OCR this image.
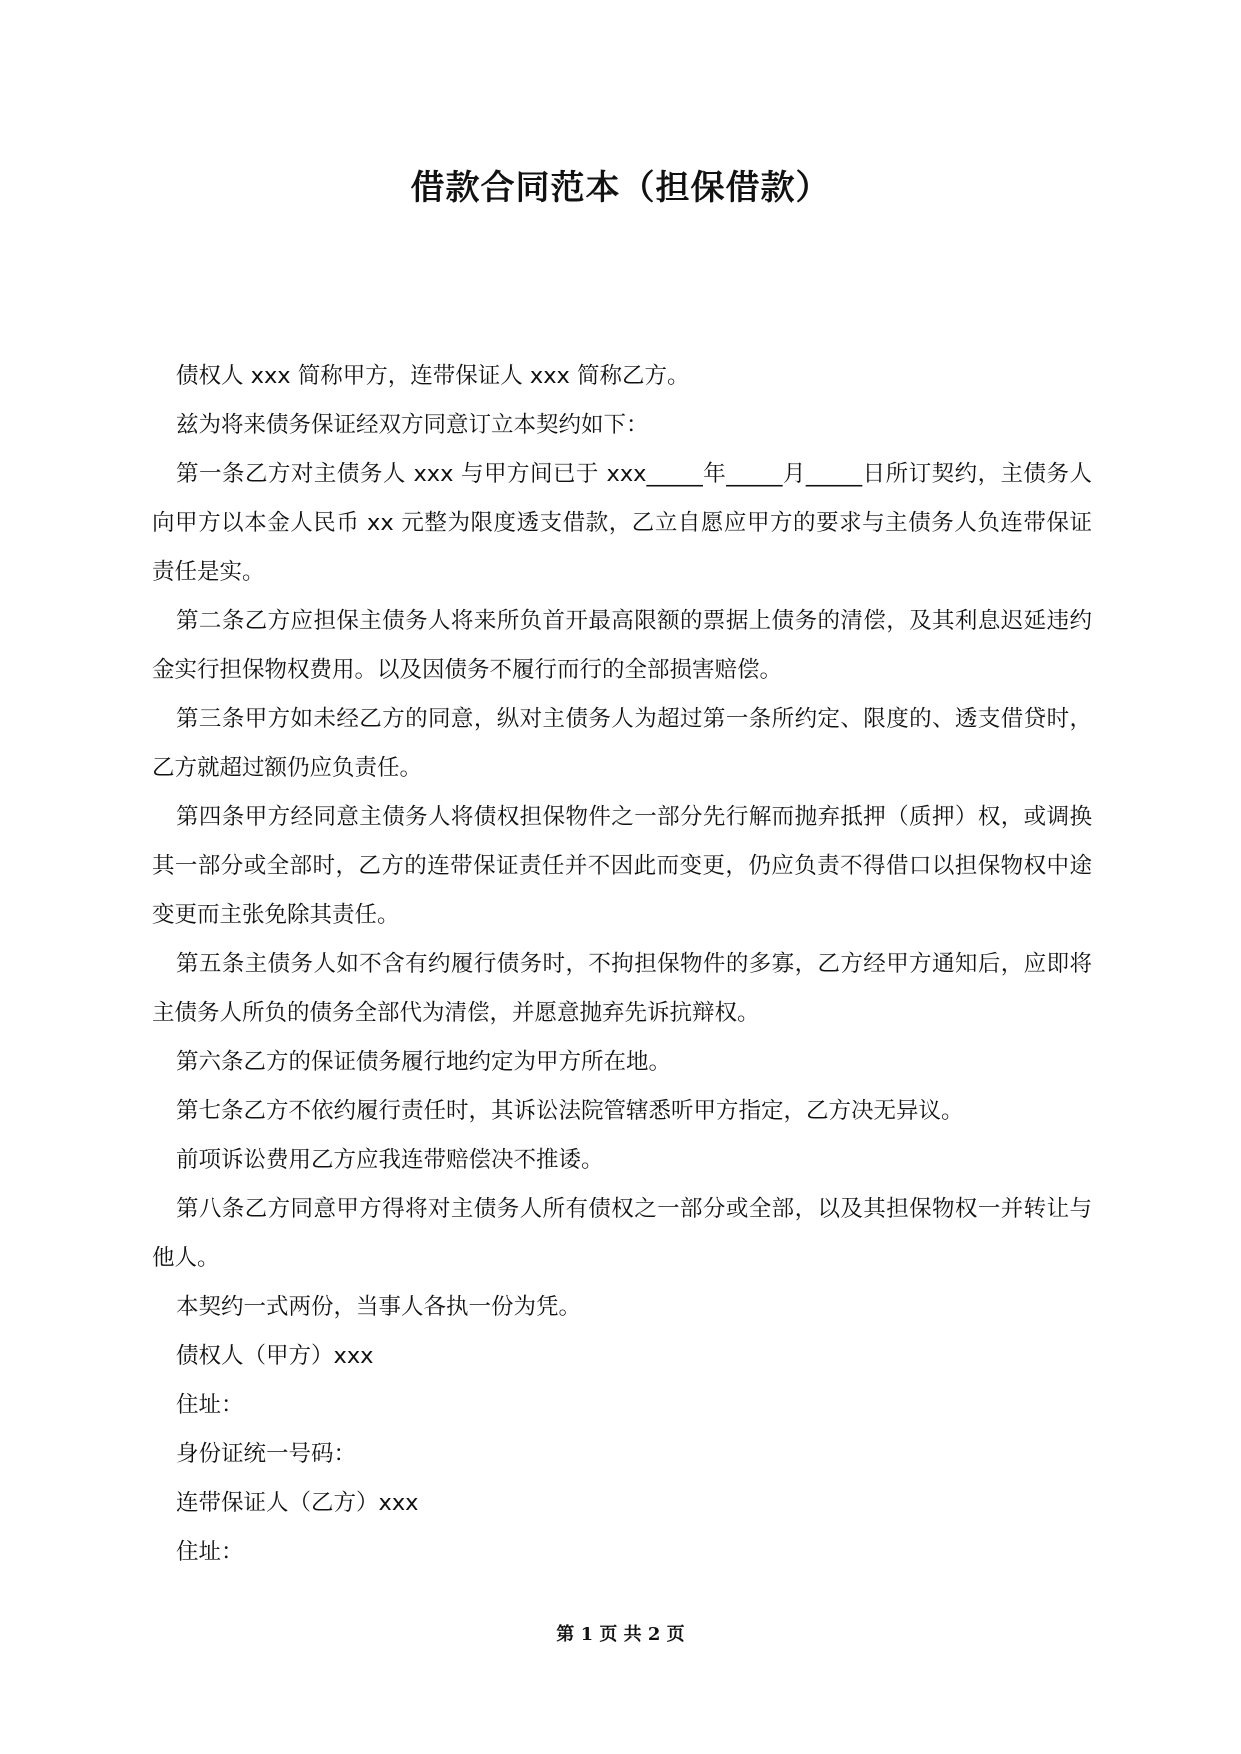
借款合同范本（担保借款）

债权人 xxx 简称甲方，连带保证人 xxx 简称乙方。

兹为将来债务保证经双方同意订立本契约如下：

第一条乙方对主债务人 xxx 与甲方间已于 xxx_____年_____月_____日所订契约，主债务人向甲方以本金人民币 xx 元整为限度透支借款，乙立自愿应甲方的要求与主债务人负连带保证责任是实。

第二条乙方应担保主债务人将来所负首开最高限额的票据上债务的清偿，及其利息迟延违约金实行担保物权费用。以及因债务不履行而行的全部损害赔偿。

第三条甲方如未经乙方的同意，纵对主债务人为超过第一条所约定、限度的、透支借贷时，乙方就超过额仍应负责任。

第四条甲方经同意主债务人将债权担保物件之一部分先行解而抛弃抵押（质押）权，或调换其一部分或全部时，乙方的连带保证责任并不因此而变更，仍应负责不得借口以担保物权中途变更而主张免除其责任。

第五条主债务人如不含有约履行债务时，不拘担保物件的多寡，乙方经甲方通知后，应即将主债务人所负的债务全部代为清偿，并愿意抛弃先诉抗辩权。

第六条乙方的保证债务履行地约定为甲方所在地。

第七条乙方不依约履行责任时，其诉讼法院管辖悉听甲方指定，乙方决无异议。

前项诉讼费用乙方应我连带赔偿决不推诿。

第八条乙方同意甲方得将对主债务人所有债权之一部分或全部，以及其担保物权一并转让与他人。

本契约一式两份，当事人各执一份为凭。

债权人（甲方）xxx

住址：

身份证统一号码：

连带保证人（乙方）xxx

住址：

第 1 页 共 2 页
